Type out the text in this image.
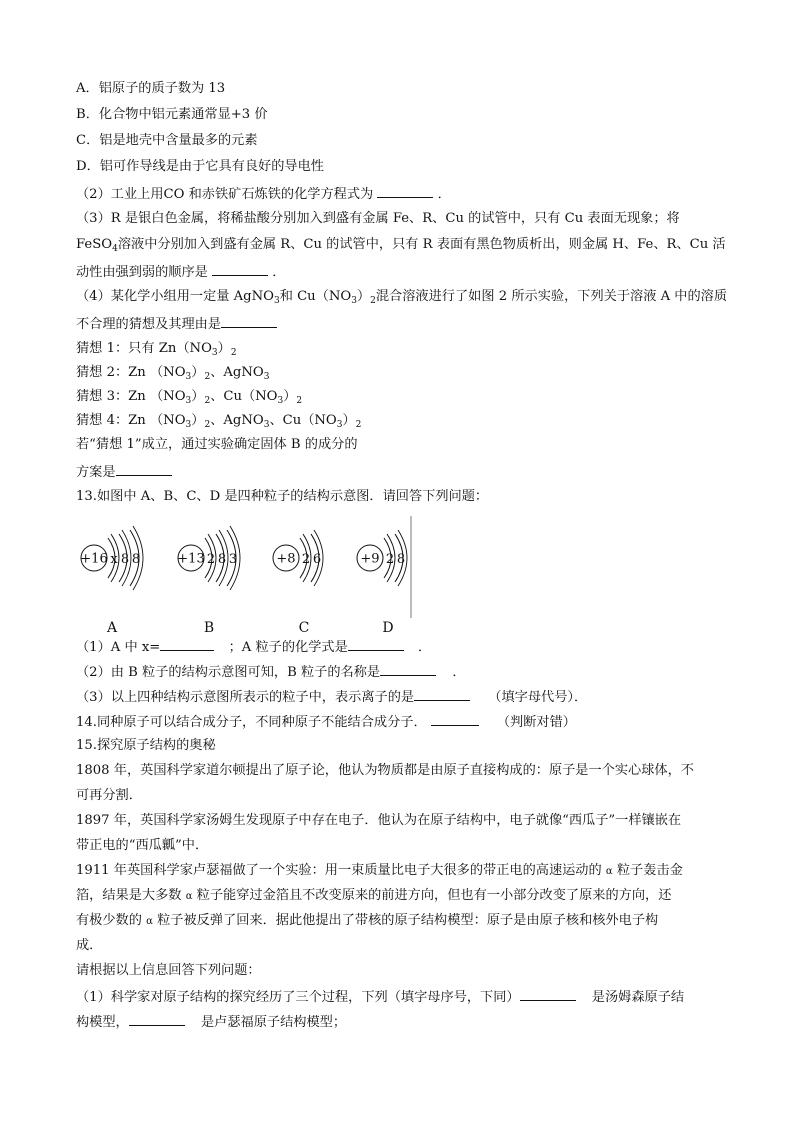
A．铝原子的质子数为 13
B．化合物中铝元素通常显+3 价
C．铝是地壳中含量最多的元素
D．铝可作导线是由于它具有良好的导电性
（2）工业上用CO 和赤铁矿石炼铁的化学方程式为	．
（3）R 是银白色金属，将稀盐酸分别加入到盛有金属 Fe、R、Cu 的试管中，只有 Cu 表面无现象；将
FeSO$_4$溶液中分别加入到盛有金属 R、Cu 的试管中，只有 R 表面有黑色物质析出，则金属 H、Fe、R、Cu 活
动性由强到弱的顺序是	．
（4）某化学小组用一定量 AgNO$_3$和 $Cu(NO_3)_2$混合溶液进行了如图 2 所示实验，下列关于溶液 A 中的溶质
不合理的猜想及其理由是
猜想 1：只有 $Zn(NO_3)_2$
猜想 2：Zn $(NO_3)_2$、AgNO$_3$
猜想 3：Zn $(NO_3)_2$、$Cu(NO_3)_2$
猜想 4：Zn $(NO_3)_2$、AgNO$_3$、$Cu(NO_3)_2$
若“猜想 1”成立，通过实验确定固体 B 的成分的
方案是
13.如图中 A、B、C、D 是四种粒子的结构示意图．请回答下列问题：
+16 x 8 8
A
+13 2 8 3
B
+8 2 6
C
+9 2 8
D
（1）A 中 x=	；A 粒子的化学式是	．
（2）由 B 粒子的结构示意图可知，B 粒子的名称是	．
（3）以上四种结构示意图所表示的粒子中，表示离子的是	（填字母代号）．
14.同种原子可以结合成分子，不同种原子不能结合成分子．	（判断对错）
15.探究原子结构的奥秘
1808 年，英国科学家道尔顿提出了原子论，他认为物质都是由原子直接构成的：原子是一个实心球体，不
可再分割．
1897 年，英国科学家汤姆生发现原子中存在电子．他认为在原子结构中，电子就像“西瓜子”一样镶嵌在
带正电的“西瓜瓤”中．
1911 年英国科学家卢瑟福做了一个实验：用一束质量比电子大很多的带正电的高速运动的 α 粒子轰击金
箔，结果是大多数 α 粒子能穿过金箔且不改变原来的前进方向，但也有一小部分改变了原来的方向，还
有极少数的 α 粒子被反弹了回来．据此他提出了带核的原子结构模型：原子是由原子核和核外电子构
成．
请根据以上信息回答下列问题：
（1）科学家对原子结构的探究经历了三个过程，下列（填字母序号，下同）	是汤姆森原子结
构模型，	是卢瑟福原子结构模型；
